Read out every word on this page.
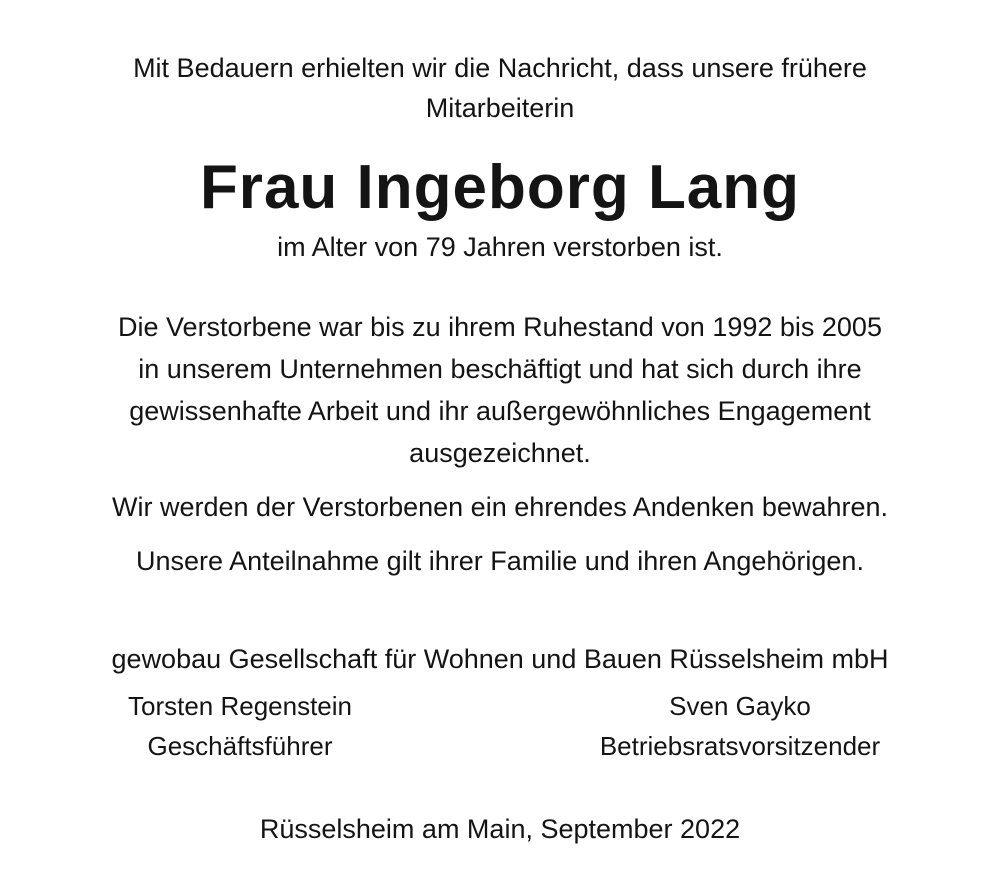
Mit Bedauern erhielten wir die Nachricht, dass unsere frühere
Mitarbeiterin
Frau Ingeborg Lang
im Alter von 79 Jahren verstorben ist.
Die Verstorbene war bis zu ihrem Ruhestand von 1992 bis 2005
in unserem Unternehmen beschäftigt und hat sich durch ihre
gewissenhafte Arbeit und ihr außergewöhnliches Engagement
ausgezeichnet.
Wir werden der Verstorbenen ein ehrendes Andenken bewahren.
Unsere Anteilnahme gilt ihrer Familie und ihren Angehörigen.
gewobau Gesellschaft für Wohnen und Bauen Rüsselsheim mbH
Torsten Regenstein
Geschäftsführer
Sven Gayko
Betriebsratsvorsitzender
Rüsselsheim am Main, September 2022
